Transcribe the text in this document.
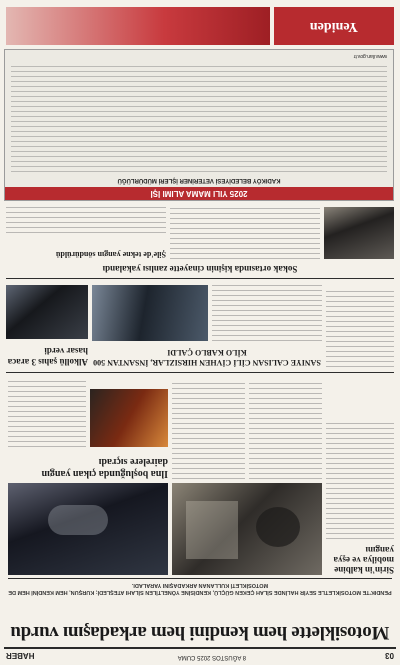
03
8 AĞUSTOS 2025 CUMA
HABER
Motosiklette hem kendini hem arkadaşını vurdu
PENDIK'TE MOTOSİKLETLE SEYİR HALİNDE SİLAH ÇEKEN GÜÇLÜ, KENDİSİNE YÖNELTİLEN SİLAHI ATEŞLEDİ; KURŞUN, HEM KENDİNİ HEM DE MOTOSİKLETİ KULLANAN ARKADAŞINI YARALADI.
Sirin'in kalbine mobilya ve eşya yangını
Ilna boşluğunda çıkan yangın dairelere sıçradı
SANIYE CALISAN CİLİ CİVHEN HIRSIZLAR, İNSANTAN 500 KİLO KABLO ÇALDI
Alkollü şahıs 3 araca hasar verdi
Sokak ortasında kişinin cinayette zanlısı yakalandı
Şile'de tekne yangın söndürüldü
2025 YILI MAMA ALIMI İŞİ
KADIKÖY BELEDİYESİ VETERİNER İŞLERİ MÜDÜRLÜĞÜ
www.ilan.gov.tr
Yeniden
